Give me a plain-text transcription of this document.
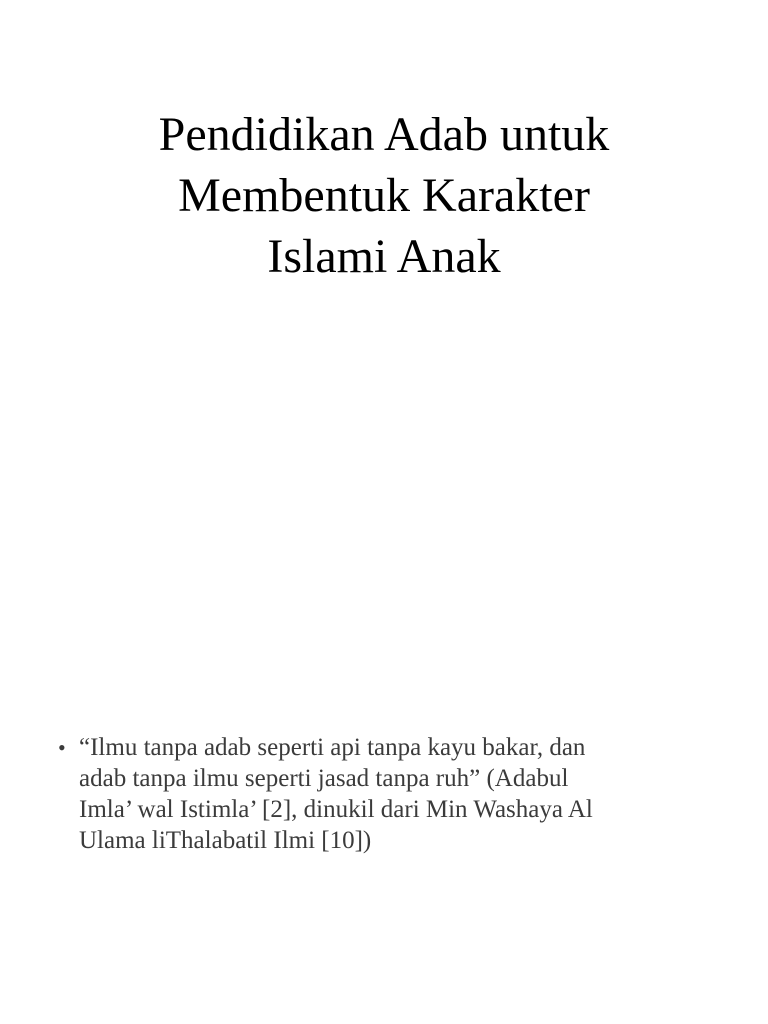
Pendidikan Adab untuk
Membentuk Karakter
Islami Anak
• “Ilmu tanpa adab seperti api tanpa kayu bakar, dan
adab tanpa ilmu seperti jasad tanpa ruh” (Adabul
Imla’ wal Istimla’ [2], dinukil dari Min Washaya Al
Ulama liThalabatil Ilmi [10])
